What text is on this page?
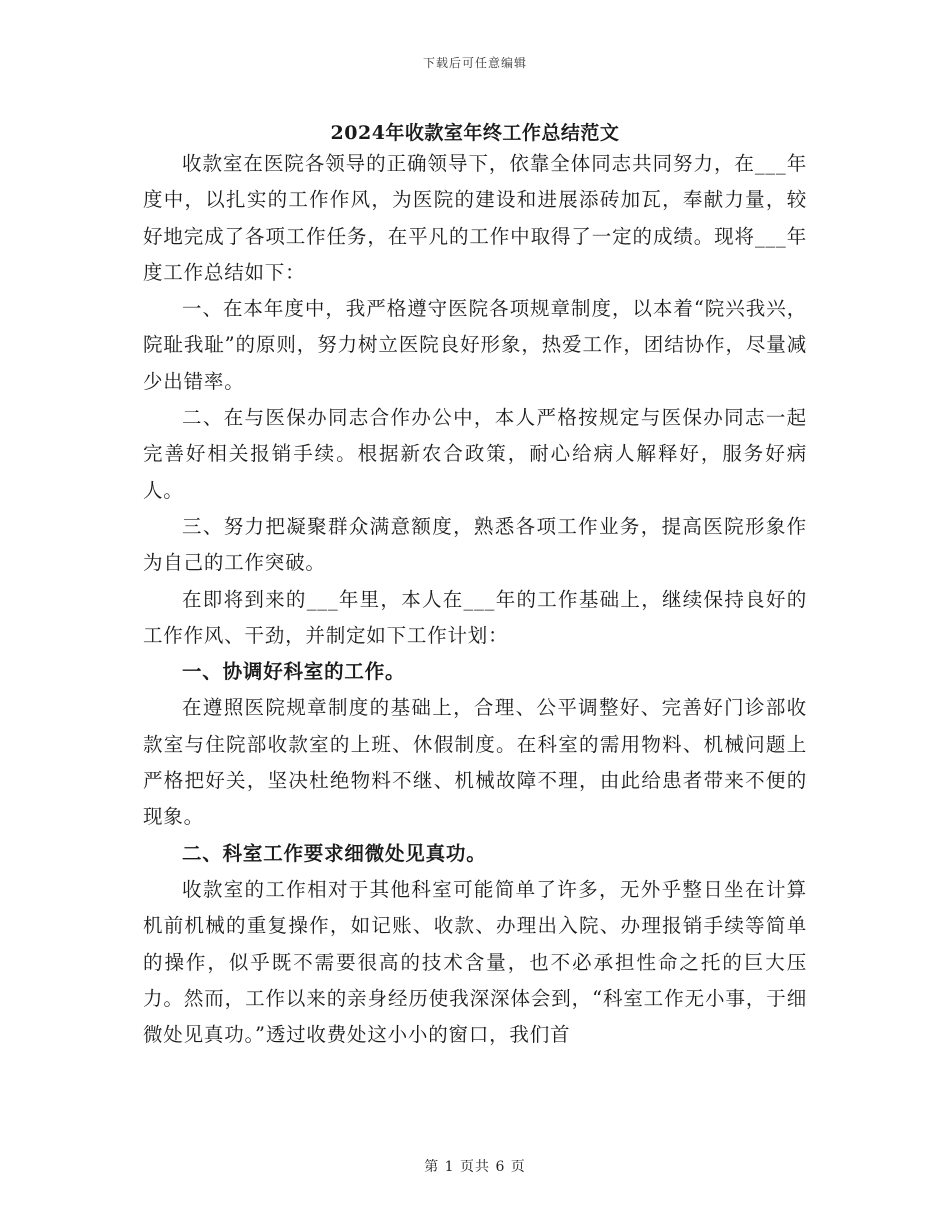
下载后可任意编辑
2024年收款室年终工作总结范文

收款室在医院各领导的正确领导下，依靠全体同志共同努力，在___年度中，以扎实的工作作风，为医院的建设和进展添砖加瓦，奉献力量，较好地完成了各项工作任务，在平凡的工作中取得了一定的成绩。现将___年度工作总结如下：

一、在本年度中，我严格遵守医院各项规章制度，以本着“院兴我兴，院耻我耻”的原则，努力树立医院良好形象，热爱工作，团结协作，尽量减少出错率。

二、在与医保办同志合作办公中，本人严格按规定与医保办同志一起完善好相关报销手续。根据新农合政策，耐心给病人解释好，服务好病人。

三、努力把凝聚群众满意额度，熟悉各项工作业务，提高医院形象作为自己的工作突破。

在即将到来的___年里，本人在___年的工作基础上，继续保持良好的工作作风、干劲，并制定如下工作计划：

一、协调好科室的工作。

在遵照医院规章制度的基础上，合理、公平调整好、完善好门诊部收款室与住院部收款室的上班、休假制度。在科室的需用物料、机械问题上严格把好关，坚决杜绝物料不继、机械故障不理，由此给患者带来不便的现象。

二、科室工作要求细微处见真功。

收款室的工作相对于其他科室可能简单了许多，无外乎整日坐在计算机前机械的重复操作，如记账、收款、办理出入院、办理报销手续等简单的操作，似乎既不需要很高的技术含量，也不必承担性命之托的巨大压力。然而，工作以来的亲身经历使我深深体会到，“科室工作无小事，于细微处见真功。”透过收费处这小小的窗口，我们首

第 1 页共 6 页
